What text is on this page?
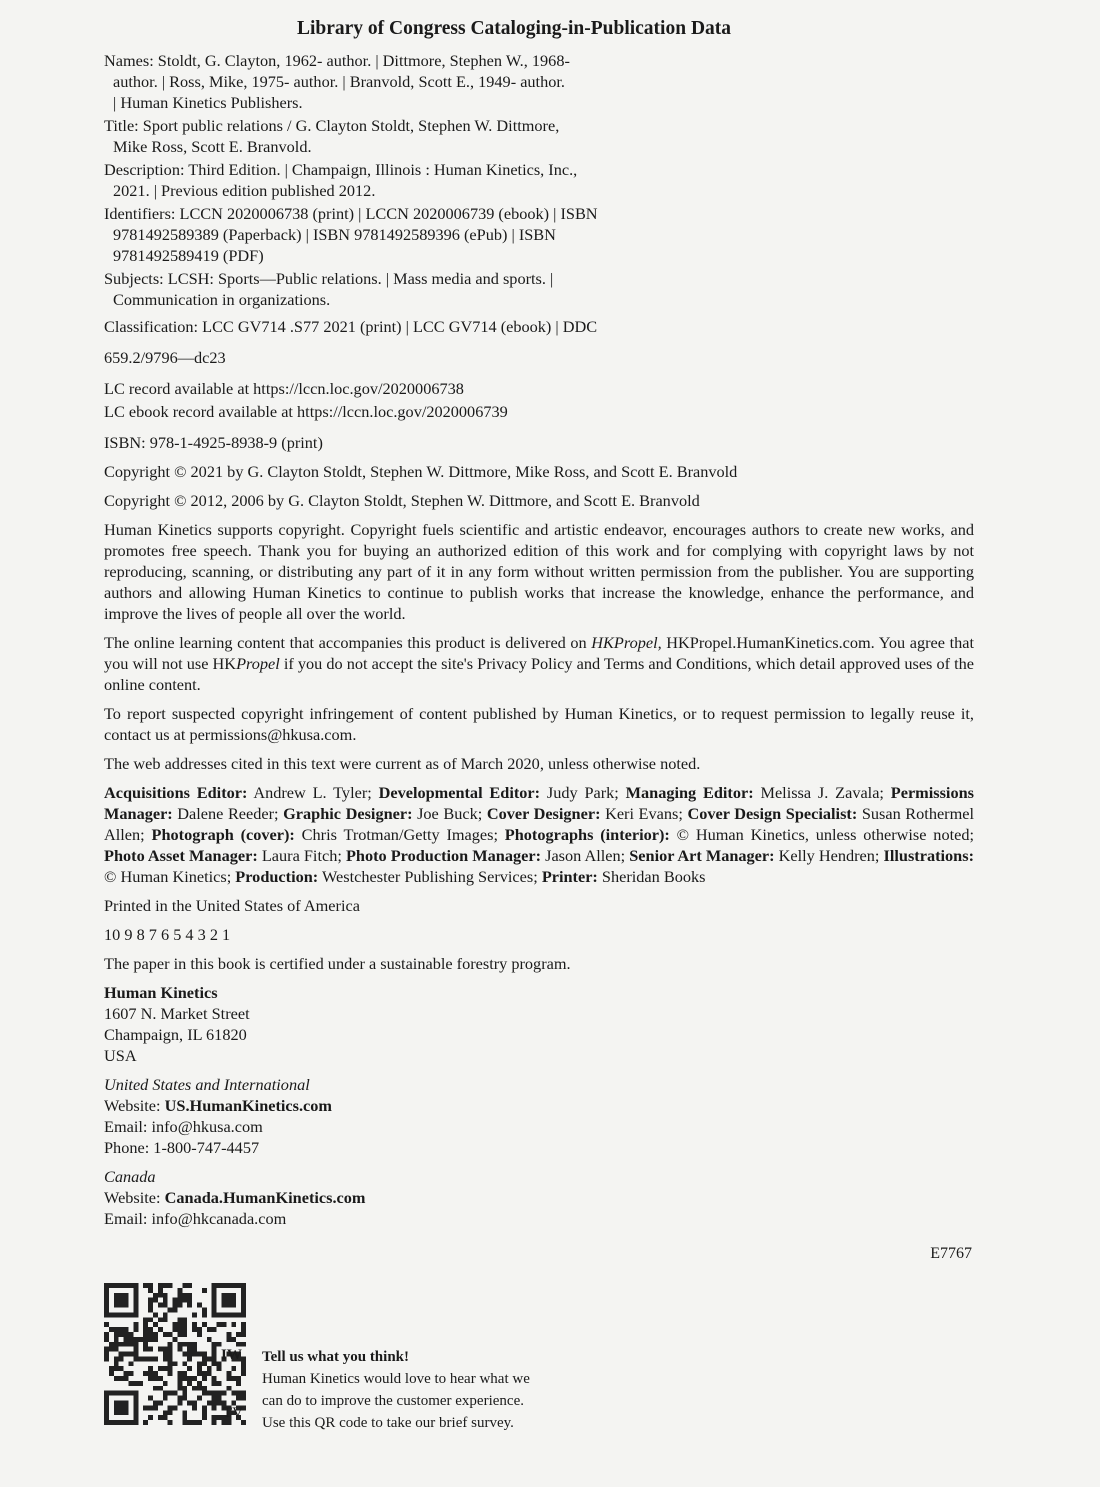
Library of Congress Cataloging-in-Publication Data

Names: Stoldt, G. Clayton, 1962- author. | Dittmore, Stephen W., 1968-
author. | Ross, Mike, 1975- author. | Branvold, Scott E., 1949- author.
| Human Kinetics Publishers.

Title: Sport public relations / G. Clayton Stoldt, Stephen W. Dittmore,
Mike Ross, Scott E. Branvold.

Description: Third Edition. | Champaign, Illinois : Human Kinetics, Inc.,
2021. | Previous edition published 2012.

Identifiers: LCCN 2020006738 (print) | LCCN 2020006739 (ebook) | ISBN
9781492589389 (Paperback) | ISBN 9781492589396 (ePub) | ISBN
9781492589419 (PDF)

Subjects: LCSH: Sports—Public relations. | Mass media and sports. |
Communication in organizations.

Classification: LCC GV714 .S77 2021 (print) | LCC GV714 (ebook) | DDC

659.2/9796—dc23

LC record available at https://lccn.loc.gov/2020006738

LC ebook record available at https://lccn.loc.gov/2020006739

ISBN: 978-1-4925-8938-9 (print)
Copyright © 2021 by G. Clayton Stoldt, Stephen W. Dittmore, Mike Ross, and Scott E. Branvold
Copyright © 2012, 2006 by G. Clayton Stoldt, Stephen W. Dittmore, and Scott E. Branvold
Human Kinetics supports copyright. Copyright fuels scientific and artistic endeavor, encourages authors to create new works, and promotes free speech. Thank you for buying an authorized edition of this work and for complying with copyright laws by not reproducing, scanning, or distributing any part of it in any form without written permission from the publisher. You are supporting authors and allowing Human Kinetics to continue to publish works that increase the knowledge, enhance the performance, and improve the lives of people all over the world.
The online learning content that accompanies this product is delivered on HKPropel, HKPropel.HumanKinetics.com. You agree that you will not use HKPropel if you do not accept the site's Privacy Policy and Terms and Conditions, which detail approved uses of the online content.
To report suspected copyright infringement of content published by Human Kinetics, or to request permission to legally reuse it, contact us at permissions@hkusa.com.
The web addresses cited in this text were current as of March 2020, unless otherwise noted.
Acquisitions Editor: Andrew L. Tyler; Developmental Editor: Judy Park; Managing Editor: Melissa J. Zavala; Permissions Manager: Dalene Reeder; Graphic Designer: Joe Buck; Cover Designer: Keri Evans; Cover Design Specialist: Susan Rothermel Allen; Photograph (cover): Chris Trotman/Getty Images; Photographs (interior): © Human Kinetics, unless otherwise noted; Photo Asset Manager: Laura Fitch; Photo Production Manager: Jason Allen; Senior Art Manager: Kelly Hendren; Illustrations: © Human Kinetics; Production: Westchester Publishing Services; Printer: Sheridan Books
Printed in the United States of America
10 9 8 7 6 5 4 3 2 1
The paper in this book is certified under a sustainable forestry program.

Human Kinetics

1607 N. Market Street

Champaign, IL 61820

USA

United States and International

Website: US.HumanKinetics.com

Email: info@hkusa.com

Phone: 1-800-747-4457

Canada

Website: Canada.HumanKinetics.com

Email: info@hkcanada.com

E7767
IW
TV

Tell us what you think!

Human Kinetics would love to hear what we

can do to improve the customer experience.

Use this QR code to take our brief survey.
